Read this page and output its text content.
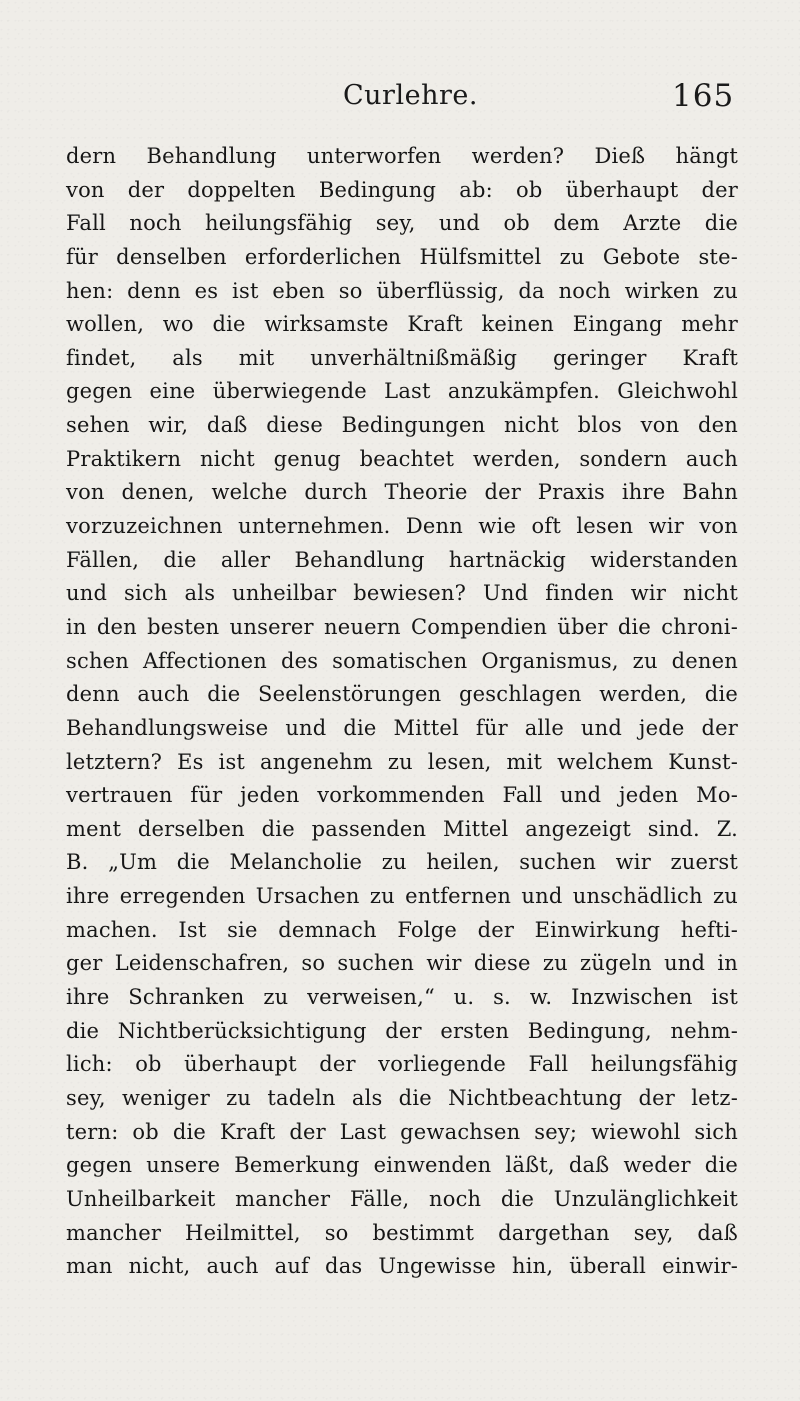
Curlehre.	165
dern Behandlung unterworfen werden? Dieß hängt
von der doppelten Bedingung ab: ob überhaupt der
Fall noch heilungsfähig sey, und ob dem Arzte die
für denselben erforderlichen Hülfsmittel zu Gebote ste-
hen: denn es ist eben so überflüssig, da noch wirken zu
wollen, wo die wirksamste Kraft keinen Eingang mehr
findet, als mit unverhältnißmäßig geringer Kraft
gegen eine überwiegende Last anzukämpfen. Gleichwohl
sehen wir, daß diese Bedingungen nicht blos von den
Praktikern nicht genug beachtet werden, sondern auch
von denen, welche durch Theorie der Praxis ihre Bahn
vorzuzeichnen unternehmen. Denn wie oft lesen wir von
Fällen, die aller Behandlung hartnäckig widerstanden
und sich als unheilbar bewiesen? Und finden wir nicht
in den besten unserer neuern Compendien über die chroni-
schen Affectionen des somatischen Organismus, zu denen
denn auch die Seelenstörungen geschlagen werden, die
Behandlungsweise und die Mittel für alle und jede der
letztern? Es ist angenehm zu lesen, mit welchem Kunst-
vertrauen für jeden vorkommenden Fall und jeden Mo-
ment derselben die passenden Mittel angezeigt sind. Z.
B. „Um die Melancholie zu heilen, suchen wir zuerst
ihre erregenden Ursachen zu entfernen und unschädlich zu
machen. Ist sie demnach Folge der Einwirkung hefti-
ger Leidenschafren, so suchen wir diese zu zügeln und in
ihre Schranken zu verweisen,“ u. s. w. Inzwischen ist
die Nichtberücksichtigung der ersten Bedingung, nehm-
lich: ob überhaupt der vorliegende Fall heilungsfähig
sey, weniger zu tadeln als die Nichtbeachtung der letz-
tern: ob die Kraft der Last gewachsen sey; wiewohl sich
gegen unsere Bemerkung einwenden läßt, daß weder die
Unheilbarkeit mancher Fälle, noch die Unzulänglichkeit
mancher Heilmittel, so bestimmt dargethan sey, daß
man nicht, auch auf das Ungewisse hin, überall einwir-
